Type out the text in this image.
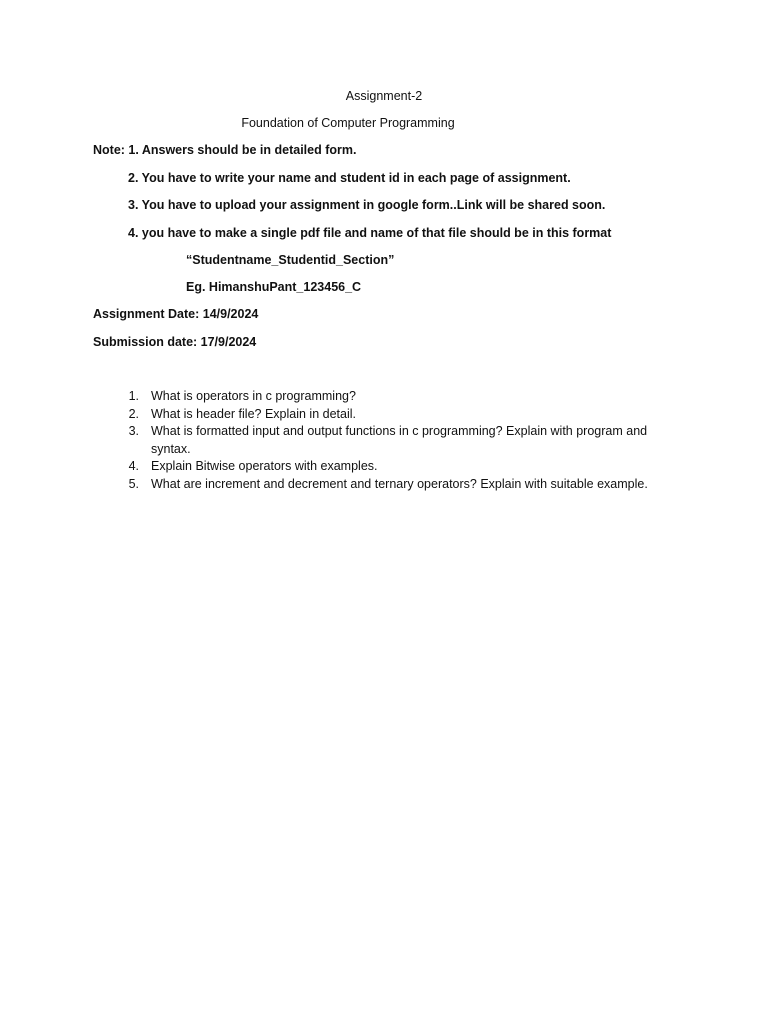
Assignment-2
Foundation of Computer Programming
Note: 1. Answers should be in detailed form.
2. You have to write your name and student id in each page of assignment.
3. You have to upload your assignment in google form..Link will be shared soon.
4. you have to make a single pdf file and name of that file should be in this format
“Studentname_Studentid_Section”
Eg. HimanshuPant_123456_C
Assignment Date: 14/9/2024
Submission date: 17/9/2024
1. What is operators in c programming?
2. What is header file? Explain in detail.
3. What is formatted input and output functions in c programming? Explain with program and syntax.
4. Explain Bitwise operators with examples.
5. What are increment and decrement and ternary operators? Explain with suitable example.
